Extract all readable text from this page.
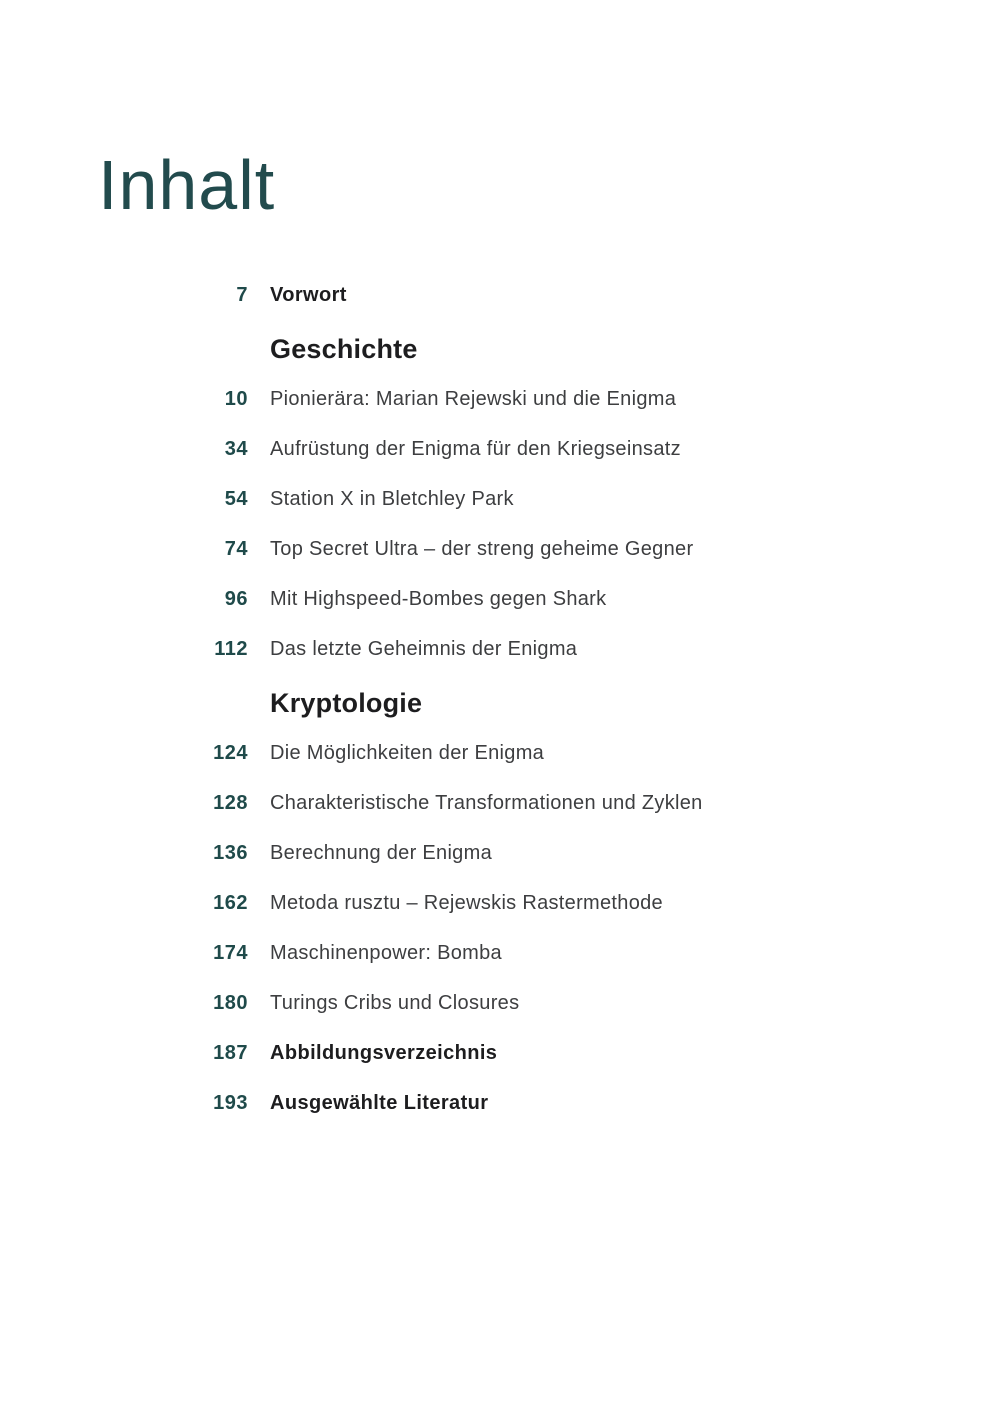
Inhalt
7 Vorwort
Geschichte
10 Pionierära: Marian Rejewski und die Enigma
34 Aufrüstung der Enigma für den Kriegseinsatz
54 Station X in Bletchley Park
74 Top Secret Ultra – der streng geheime Gegner
96 Mit Highspeed-Bombes gegen Shark
112 Das letzte Geheimnis der Enigma
Kryptologie
124 Die Möglichkeiten der Enigma
128 Charakteristische Transformationen und Zyklen
136 Berechnung der Enigma
162 Metoda rusztu – Rejewskis Rastermethode
174 Maschinenpower: Bomba
180 Turings Cribs und Closures
187 Abbildungsverzeichnis
193 Ausgewählte Literatur
